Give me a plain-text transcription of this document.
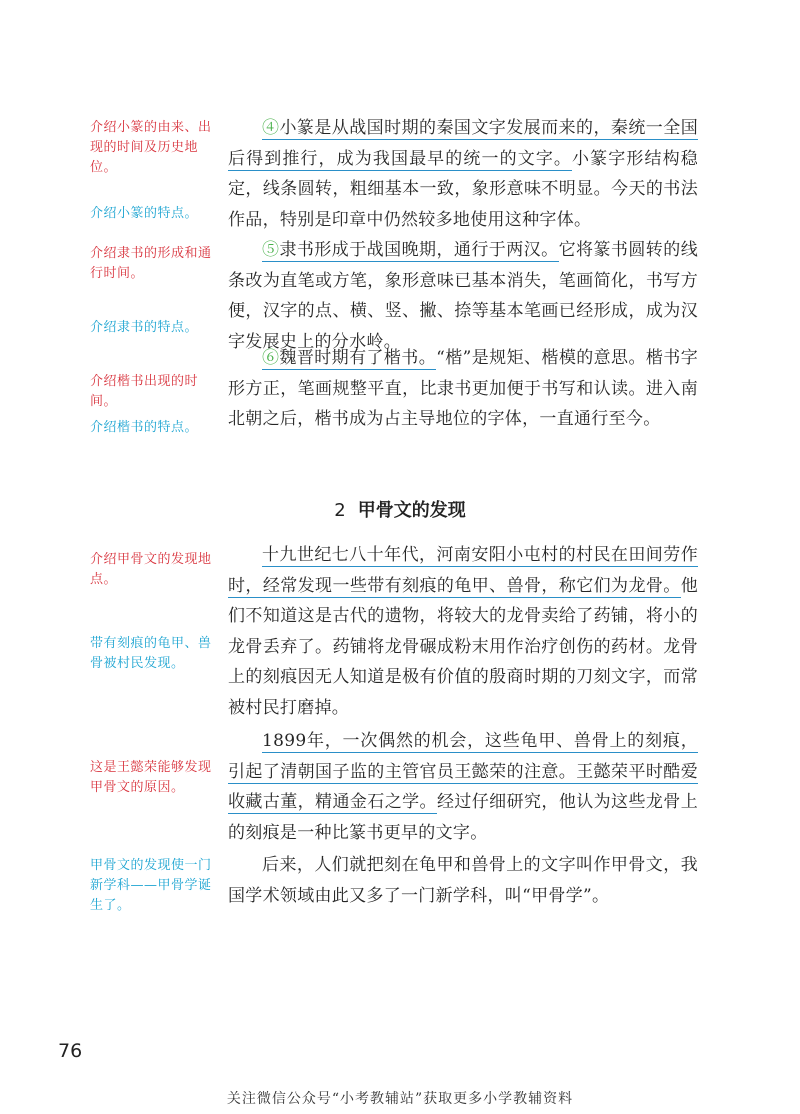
介绍小篆的由来、出现的时间及历史地位。
介绍小篆的特点。
介绍隶书的形成和通行时间。
介绍隶书的特点。
介绍楷书出现的时间。
介绍楷书的特点。
介绍甲骨文的发现地点。
带有刻痕的龟甲、兽骨被村民发现。
这是王懿荣能够发现甲骨文的原因。
甲骨文的发现使一门新学科——甲骨学诞生了。
④小篆是从战国时期的秦国文字发展而来的，秦统一全国后得到推行，成为我国最早的统一的文字。小篆字形结构稳定，线条圆转，粗细基本一致，象形意味不明显。今天的书法作品，特别是印章中仍然较多地使用这种字体。
⑤隶书形成于战国晚期，通行于两汉。它将篆书圆转的线条改为直笔或方笔，象形意味已基本消失，笔画简化，书写方便，汉字的点、横、竖、撇、捺等基本笔画已经形成，成为汉字发展史上的分水岭。
⑥魏晋时期有了楷书。“楷”是规矩、楷模的意思。楷书字形方正，笔画规整平直，比隶书更加便于书写和认读。进入南北朝之后，楷书成为占主导地位的字体，一直通行至今。
2 甲骨文的发现
十九世纪七八十年代，河南安阳小屯村的村民在田间劳作时，经常发现一些带有刻痕的龟甲、兽骨，称它们为龙骨。他们不知道这是古代的遗物，将较大的龙骨卖给了药铺，将小的龙骨丢弃了。药铺将龙骨碾成粉末用作治疗创伤的药材。龙骨上的刻痕因无人知道是极有价值的殷商时期的刀刻文字，而常被村民打磨掉。
1899年，一次偶然的机会，这些龟甲、兽骨上的刻痕，引起了清朝国子监的主管官员王懿荣的注意。王懿荣平时酷爱收藏古董，精通金石之学。经过仔细研究，他认为这些龙骨上的刻痕是一种比篆书更早的文字。
后来，人们就把刻在龟甲和兽骨上的文字叫作甲骨文，我国学术领域由此又多了一门新学科，叫“甲骨学”。
76
关注微信公众号“小考教辅站”获取更多小学教辅资料
